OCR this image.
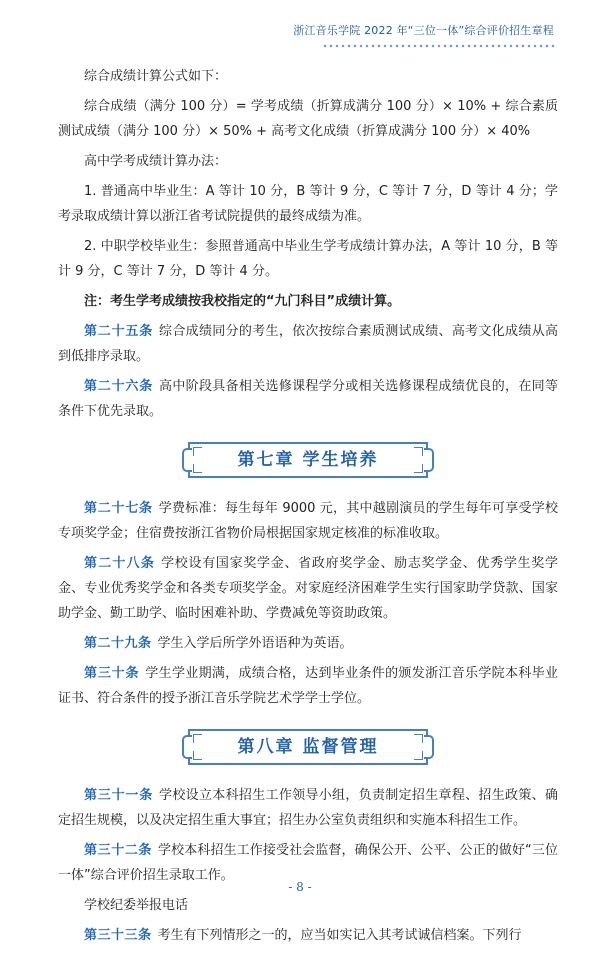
浙江音乐学院 2022 年“三位一体”综合评价招生章程

综合成绩计算公式如下：

综合成绩（满分 100 分）= 学考成绩（折算成满分 100 分）× 10% + 综合素质测试成绩（满分 100 分）× 50% + 高考文化成绩（折算成满分 100 分）× 40%

高中学考成绩计算办法：

1. 普通高中毕业生：A 等计 10 分，B 等计 9 分，C 等计 7 分，D 等计 4 分；学考录取成绩计算以浙江省考试院提供的最终成绩为准。

2. 中职学校毕业生：参照普通高中毕业生学考成绩计算办法，A 等计 10 分，B 等计 9 分，C 等计 7 分，D 等计 4 分。

注：考生学考成绩按我校指定的“九门科目”成绩计算。

第二十五条 综合成绩同分的考生，依次按综合素质测试成绩、高考文化成绩从高到低排序录取。

第二十六条 高中阶段具备相关选修课程学分或相关选修课程成绩优良的，在同等条件下优先录取。

第七章 学生培养

第二十七条 学费标准：每生每年 9000 元，其中越剧演员的学生每年可享受学校专项奖学金；住宿费按浙江省物价局根据国家规定核准的标准收取。

第二十八条 学校设有国家奖学金、省政府奖学金、励志奖学金、优秀学生奖学金、专业优秀奖学金和各类专项奖学金。对家庭经济困难学生实行国家助学贷款、国家助学金、勤工助学、临时困难补助、学费减免等资助政策。

第二十九条 学生入学后所学外语语种为英语。

第三十条 学生学业期满，成绩合格，达到毕业条件的颁发浙江音乐学院本科毕业证书、符合条件的授予浙江音乐学院艺术学学士学位。

第八章 监督管理

第三十一条 学校设立本科招生工作领导小组，负责制定招生章程、招生政策、确定招生规模，以及决定招生重大事宜；招生办公室负责组织和实施本科招生工作。

第三十二条 学校本科招生工作接受社会监督，确保公开、公平、公正的做好“三位一体”综合评价招生录取工作。

学校纪委举报电话

第三十三条 考生有下列情形之一的，应当如实记入其考试诚信档案。下列行

- 8 -
